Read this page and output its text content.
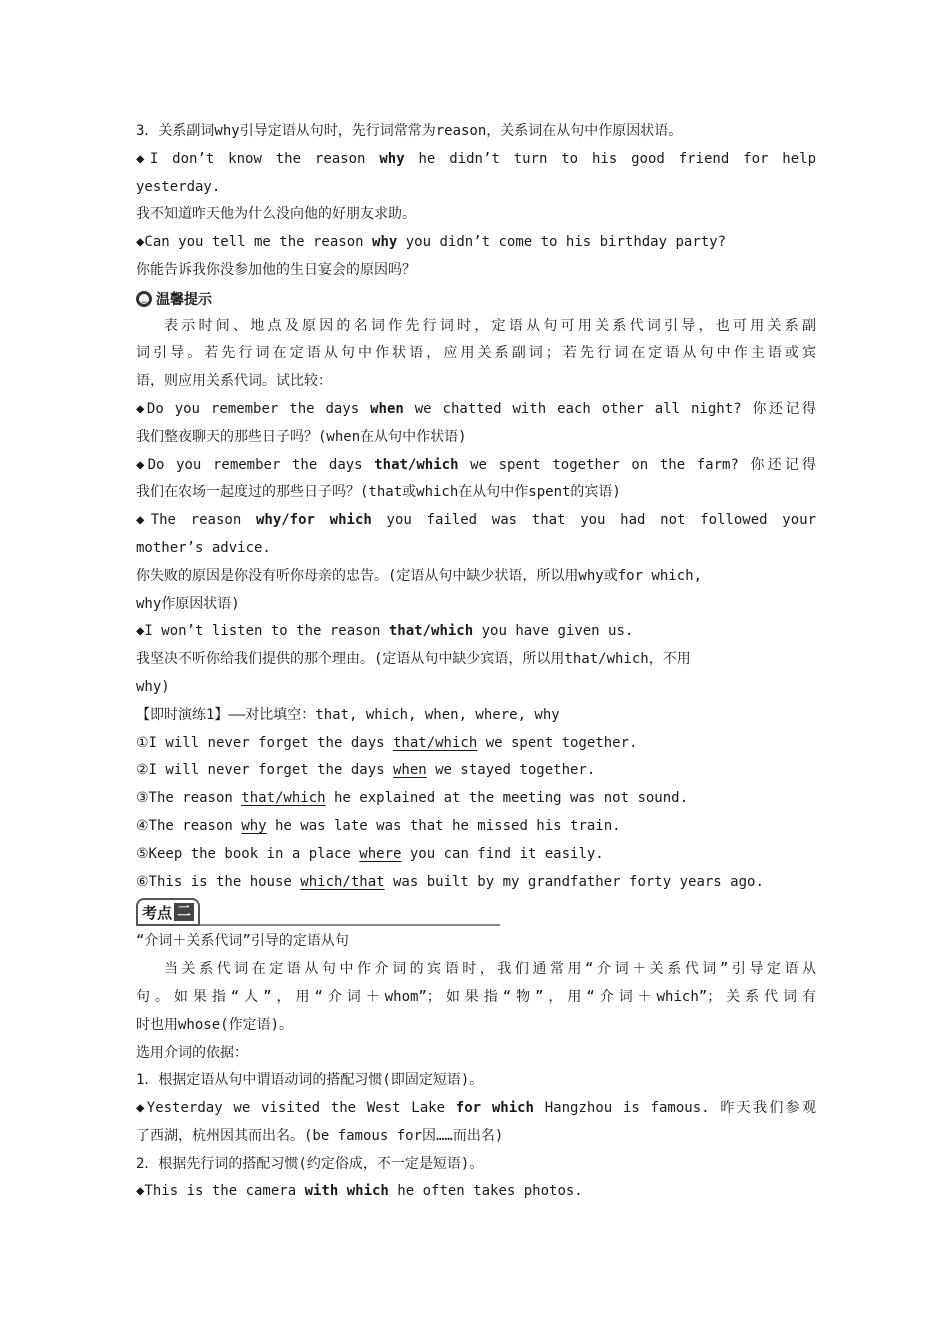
3．关系副词why引导定语从句时，先行词常常为reason，关系词在从句中作原因状语。
◆I don’t know the reason why he didn’t turn to his good friend for help
yesterday.
我不知道昨天他为什么没向他的好朋友求助。
◆Can you tell me the reason why you didn’t come to his birthday party?
你能告诉我你没参加他的生日宴会的原因吗？
温馨提示
表示时间、地点及原因的名词作先行词时，定语从句可用关系代词引导，也可用关系副
词引导。若先行词在定语从句中作状语，应用关系副词；若先行词在定语从句中作主语或宾
语，则应用关系代词。试比较：
◆Do you remember the days when we chatted with each other all night? 你还记得
我们整夜聊天的那些日子吗？(when在从句中作状语)
◆Do you remember the days that/which we spent together on the farm? 你还记得
我们在农场一起度过的那些日子吗？(that或which在从句中作spent的宾语)
◆The reason why/for which you failed was that you had not followed your
mother’s advice.
你失败的原因是你没有听你母亲的忠告。(定语从句中缺少状语，所以用why或for which,
why作原因状语)
◆I won’t listen to the reason that/which you have given us.
我坚决不听你给我们提供的那个理由。(定语从句中缺少宾语，所以用that/which，不用
why)
【即时演练1】——对比填空：that, which, when, where, why
①I will never forget the days that/which we spent together.
②I will never forget the days when we stayed together.
③The reason that/which he explained at the meeting was not sound.
④The reason why he was late was that he missed his train.
⑤Keep the book in a place where you can find it easily.
⑥This is the house which/that was built by my grandfather forty years ago.
考点 二
“介词＋关系代词”引导的定语从句
当关系代词在定语从句中作介词的宾语时，我们通常用“介词＋关系代词”引导定语从
句。如果指“人”，用“介词＋whom”；如果指“物”，用“介词＋which”；关系代词有
时也用whose(作定语)。
选用介词的依据：
1．根据定语从句中谓语动词的搭配习惯(即固定短语)。
◆Yesterday we visited the West Lake for which Hangzhou is famous. 昨天我们参观
了西湖，杭州因其而出名。(be famous for因……而出名)
2．根据先行词的搭配习惯(约定俗成，不一定是短语)。
◆This is the camera with which he often takes photos.
